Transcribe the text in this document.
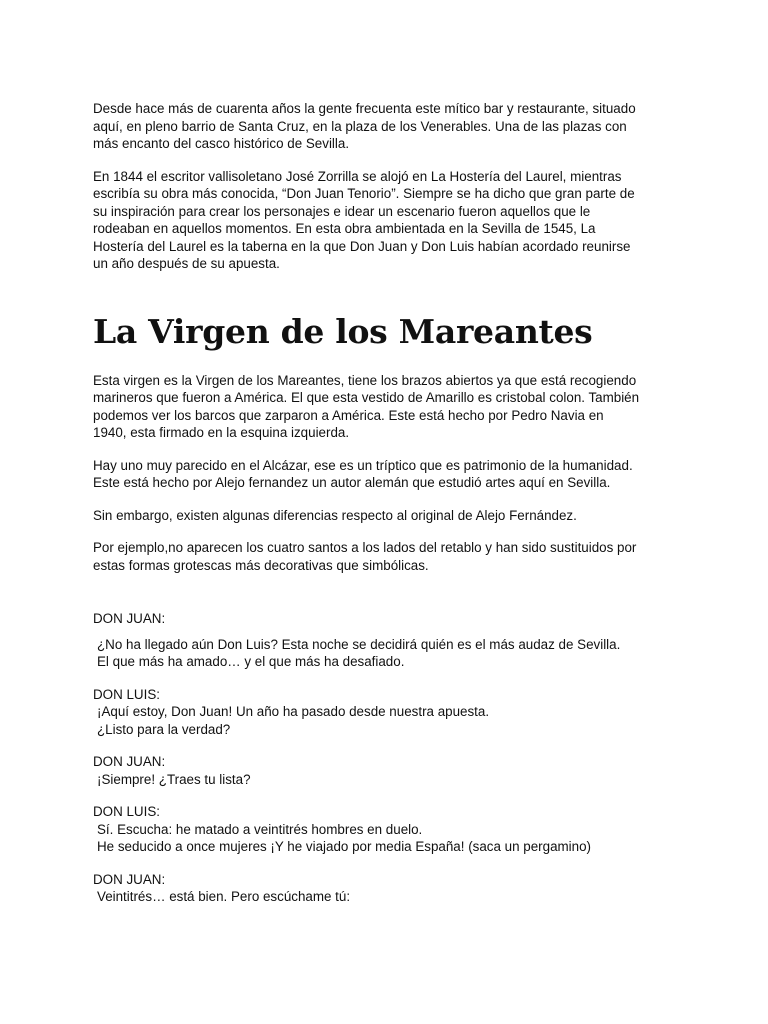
Desde hace más de cuarenta años la gente frecuenta este mítico bar y restaurante, situado

aquí, en pleno barrio de Santa Cruz, en la plaza de los Venerables. Una de las plazas con

más encanto del casco histórico de Sevilla.

En 1844 el escritor vallisoletano José Zorrilla se alojó en La Hostería del Laurel, mientras

escribía su obra más conocida, “Don Juan Tenorio”. Siempre se ha dicho que gran parte de

su inspiración para crear los personajes e idear un escenario fueron aquellos que le

rodeaban en aquellos momentos. En esta obra ambientada en la Sevilla de 1545, La

Hostería del Laurel es la taberna en la que Don Juan y Don Luis habían acordado reunirse

un año después de su apuesta.

La Virgen de los Mareantes

Esta virgen es la Virgen de los Mareantes, tiene los brazos abiertos ya que está recogiendo

marineros que fueron a América. El que esta vestido de Amarillo es cristobal colon. También

podemos ver los barcos que zarparon a América. Este está hecho por Pedro Navia en

1940, esta firmado en la esquina izquierda.

Hay uno muy parecido en el Alcázar, ese es un tríptico que es patrimonio de la humanidad.

Este está hecho por Alejo fernandez un autor alemán que estudió artes aquí en Sevilla.

Sin embargo, existen algunas diferencias respecto al original de Alejo Fernández.

Por ejemplo,no aparecen los cuatro santos a los lados del retablo y han sido sustituidos por

estas formas grotescas más decorativas que simbólicas.

DON JUAN:

¿No ha llegado aún Don Luis? Esta noche se decidirá quién es el más audaz de Sevilla.

El que más ha amado… y el que más ha desafiado.

DON LUIS:

¡Aquí estoy, Don Juan! Un año ha pasado desde nuestra apuesta.

¿Listo para la verdad?

DON JUAN:

¡Siempre! ¿Traes tu lista?

DON LUIS:

Sí. Escucha: he matado a veintitrés hombres en duelo.

He seducido a once mujeres ¡Y he viajado por media España! (saca un pergamino)

DON JUAN:

Veintitrés… está bien. Pero escúchame tú:
